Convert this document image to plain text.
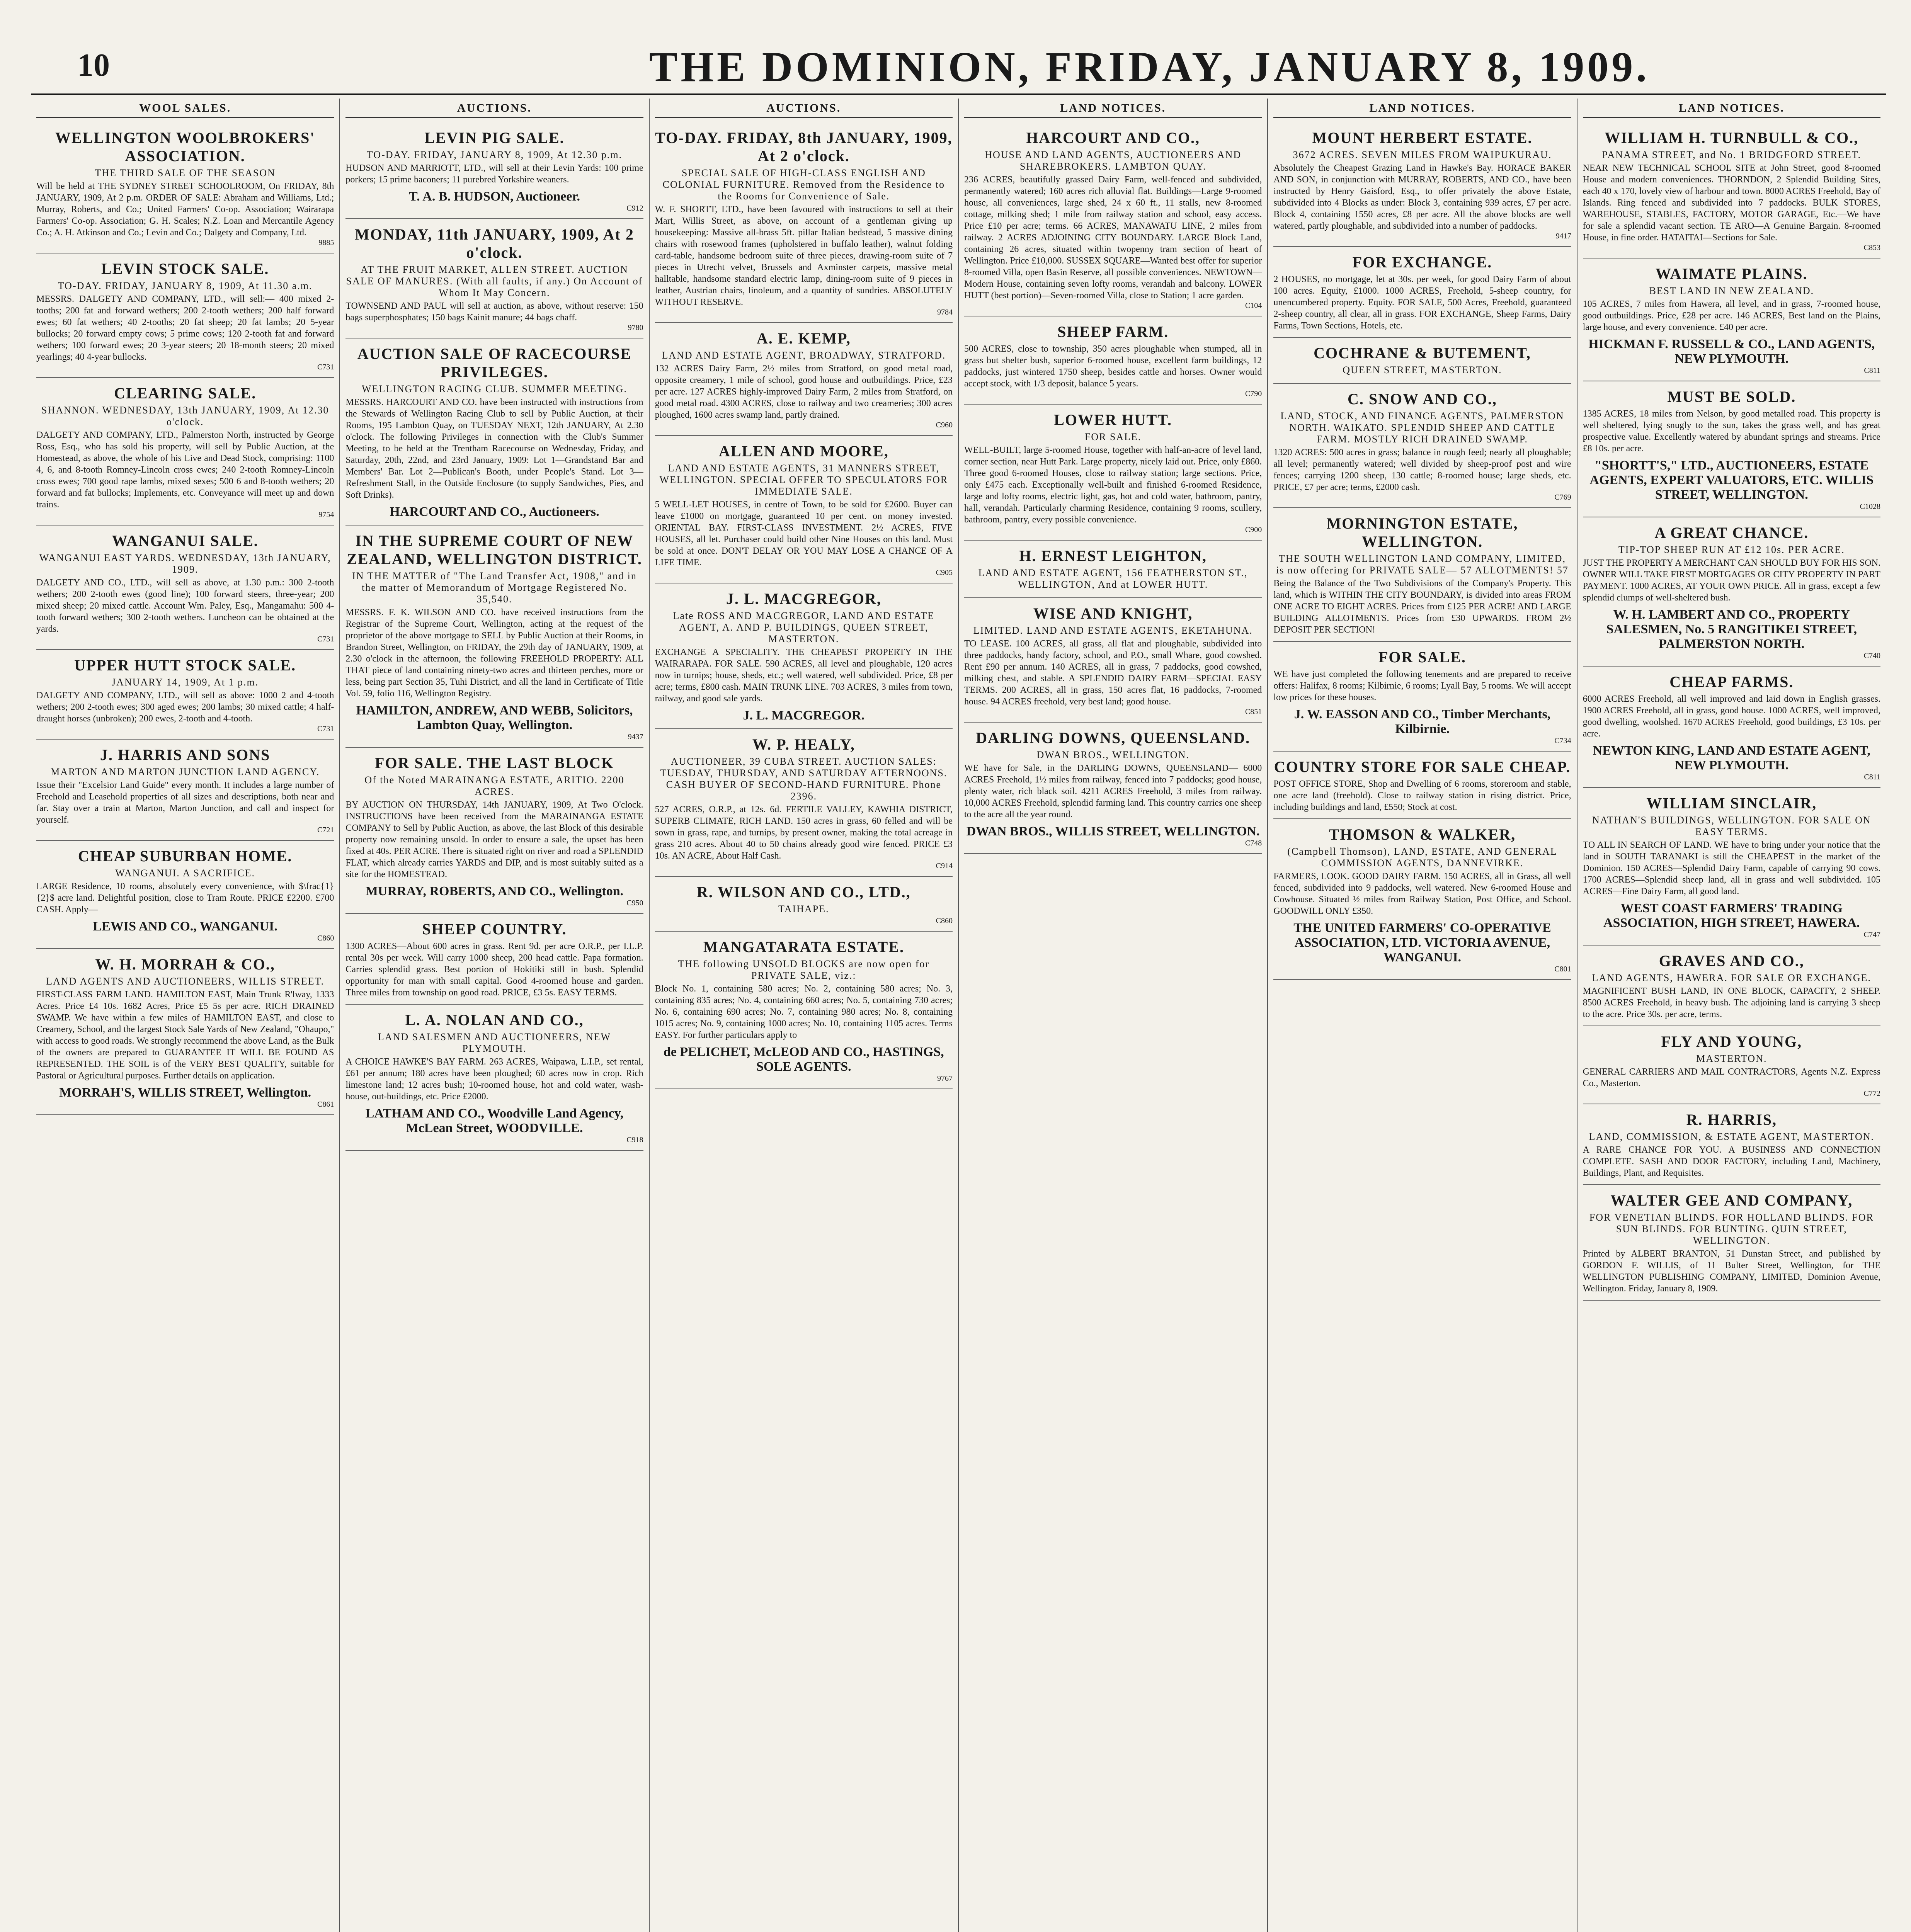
10	THE DOMINION, FRIDAY, JANUARY 8, 1909.
WOOL SALES.
WELLINGTON WOOLBROKERS' ASSOCIATION.
THE THIRD SALE OF THE SEASON
Will be held at THE SYDNEY STREET SCHOOLROOM, On FRIDAY, 8th JANUARY, 1909, At 2 p.m. ORDER OF SALE: Abraham and Williams, Ltd.; Murray, Roberts, and Co.; United Farmers' Co-op. Association; Wairarapa Farmers' Co-op. Association; G. H. Scales; N.Z. Loan and Mercantile Agency Co.; A. H. Atkinson and Co.; Levin and Co.; Dalgety and Company, Ltd.
9885
LEVIN STOCK SALE.
TO-DAY. FRIDAY, JANUARY 8, 1909, At 11.30 a.m.
MESSRS. DALGETY AND COMPANY, LTD., will sell:— 400 mixed 2-tooths; 200 fat and forward wethers; 200 2-tooth wethers; 200 half forward ewes; 60 fat wethers; 40 2-tooths; 20 fat sheep; 20 fat lambs; 20 5-year bullocks; 20 forward empty cows; 5 prime cows; 120 2-tooth fat and forward wethers; 100 forward ewes; 20 3-year steers; 20 18-month steers; 20 mixed yearlings; 40 4-year bullocks.
C731
CLEARING SALE.
SHANNON. WEDNESDAY, 13th JANUARY, 1909, At 12.30 o'clock.
DALGETY AND COMPANY, LTD., Palmerston North, instructed by George Ross, Esq., who has sold his property, will sell by Public Auction, at the Homestead, as above, the whole of his Live and Dead Stock, comprising: 1100 4, 6, and 8-tooth Romney-Lincoln cross ewes; 240 2-tooth Romney-Lincoln cross ewes; 700 good rape lambs, mixed sexes; 500 6 and 8-tooth wethers; 20 forward and fat bullocks; Implements, etc. Conveyance will meet up and down trains.
9754
WANGANUI SALE.
WANGANUI EAST YARDS. WEDNESDAY, 13th JANUARY, 1909.
DALGETY AND CO., LTD., will sell as above, at 1.30 p.m.: 300 2-tooth wethers; 200 2-tooth ewes (good line); 100 forward steers, three-year; 200 mixed sheep; 20 mixed cattle. Account Wm. Paley, Esq., Mangamahu: 500 4-tooth forward wethers; 300 2-tooth wethers. Luncheon can be obtained at the yards.
C731
UPPER HUTT STOCK SALE.
JANUARY 14, 1909, At 1 p.m.
DALGETY AND COMPANY, LTD., will sell as above: 1000 2 and 4-tooth wethers; 200 2-tooth ewes; 300 aged ewes; 200 lambs; 30 mixed cattle; 4 half-draught horses (unbroken); 200 ewes, 2-tooth and 4-tooth.
C731
J. HARRIS AND SONS
MARTON AND MARTON JUNCTION LAND AGENCY.
Issue their "Excelsior Land Guide" every month. It includes a large number of Freehold and Leasehold properties of all sizes and descriptions, both near and far. Stay over a train at Marton, Marton Junction, and call and inspect for yourself.
C721
CHEAP SUBURBAN HOME.
WANGANUI. A SACRIFICE.
LARGE Residence, 10 rooms, absolutely every convenience, with $\frac{1}{2}$ acre land. Delightful position, close to Tram Route. PRICE £2200. £700 CASH. Apply—
LEWIS AND CO., WANGANUI.
C860
W. H. MORRAH & CO.,
LAND AGENTS AND AUCTIONEERS, WILLIS STREET.
FIRST-CLASS FARM LAND. HAMILTON EAST, Main Trunk R'lway, 1333 Acres. Price £4 10s. 1682 Acres, Price £5 5s per acre. RICH DRAINED SWAMP. We have within a few miles of HAMILTON EAST, and close to Creamery, School, and the largest Stock Sale Yards of New Zealand, "Ohaupo," with access to good roads. We strongly recommend the above Land, as the Bulk of the owners are prepared to GUARANTEE IT WILL BE FOUND AS REPRESENTED. THE SOIL is of the VERY BEST QUALITY, suitable for Pastoral or Agricultural purposes. Further details on application.
MORRAH'S, WILLIS STREET, Wellington.
C861
AUCTIONS.
LEVIN PIG SALE.
TO-DAY. FRIDAY, JANUARY 8, 1909, At 12.30 p.m.
HUDSON AND MARRIOTT, LTD., will sell at their Levin Yards: 100 prime porkers; 15 prime baconers; 11 purebred Yorkshire weaners.
T. A. B. HUDSON, Auctioneer.
C912
MONDAY, 11th JANUARY, 1909, At 2 o'clock.
AT THE FRUIT MARKET, ALLEN STREET. AUCTION SALE OF MANURES. (With all faults, if any.) On Account of Whom It May Concern.
TOWNSEND AND PAUL will sell at auction, as above, without reserve: 150 bags superphosphates; 150 bags Kainit manure; 44 bags chaff.
9780
AUCTION SALE OF RACECOURSE PRIVILEGES.
WELLINGTON RACING CLUB. SUMMER MEETING.
MESSRS. HARCOURT AND CO. have been instructed with instructions from the Stewards of Wellington Racing Club to sell by Public Auction, at their Rooms, 195 Lambton Quay, on TUESDAY NEXT, 12th JANUARY, At 2.30 o'clock. The following Privileges in connection with the Club's Summer Meeting, to be held at the Trentham Racecourse on Wednesday, Friday, and Saturday, 20th, 22nd, and 23rd January, 1909: Lot 1—Grandstand Bar and Members' Bar. Lot 2—Publican's Booth, under People's Stand. Lot 3—Refreshment Stall, in the Outside Enclosure (to supply Sandwiches, Pies, and Soft Drinks).
HARCOURT AND CO., Auctioneers.
IN THE SUPREME COURT OF NEW ZEALAND, WELLINGTON DISTRICT.
IN THE MATTER of "The Land Transfer Act, 1908," and in the matter of Memorandum of Mortgage Registered No. 35,540.
MESSRS. F. K. WILSON AND CO. have received instructions from the Registrar of the Supreme Court, Wellington, acting at the request of the proprietor of the above mortgage to SELL by Public Auction at their Rooms, in Brandon Street, Wellington, on FRIDAY, the 29th day of JANUARY, 1909, at 2.30 o'clock in the afternoon, the following FREEHOLD PROPERTY: ALL THAT piece of land containing ninety-two acres and thirteen perches, more or less, being part Section 35, Tuhi District, and all the land in Certificate of Title Vol. 59, folio 116, Wellington Registry.
HAMILTON, ANDREW, AND WEBB, Solicitors, Lambton Quay, Wellington.
9437
FOR SALE. THE LAST BLOCK
Of the Noted MARAINANGA ESTATE, ARITIO. 2200 ACRES.
BY AUCTION ON THURSDAY, 14th JANUARY, 1909, At Two O'clock. INSTRUCTIONS have been received from the MARAINANGA ESTATE COMPANY to Sell by Public Auction, as above, the last Block of this desirable property now remaining unsold. In order to ensure a sale, the upset has been fixed at 40s. PER ACRE. There is situated right on river and road a SPLENDID FLAT, which already carries YARDS and DIP, and is most suitably suited as a site for the HOMESTEAD.
MURRAY, ROBERTS, AND CO., Wellington.
C950
SHEEP COUNTRY.
1300 ACRES—About 600 acres in grass. Rent 9d. per acre O.R.P., per I.L.P. rental 30s per week. Will carry 1000 sheep, 200 head cattle. Papa formation. Carries splendid grass. Best portion of Hokitiki still in bush. Splendid opportunity for man with small capital. Good 4-roomed house and garden. Three miles from township on good road. PRICE, £3 5s. EASY TERMS.
L. A. NOLAN AND CO.,
LAND SALESMEN AND AUCTIONEERS, NEW PLYMOUTH.
A CHOICE HAWKE'S BAY FARM. 263 ACRES, Waipawa, L.I.P., set rental, £61 per annum; 180 acres have been ploughed; 60 acres now in crop. Rich limestone land; 12 acres bush; 10-roomed house, hot and cold water, wash-house, out-buildings, etc. Price £2000.
LATHAM AND CO., Woodville Land Agency, McLean Street, WOODVILLE.
C918
AUCTIONS.
TO-DAY. FRIDAY, 8th JANUARY, 1909, At 2 o'clock.
SPECIAL SALE OF HIGH-CLASS ENGLISH AND COLONIAL FURNITURE. Removed from the Residence to the Rooms for Convenience of Sale.
W. F. SHORTT, LTD., have been favoured with instructions to sell at their Mart, Willis Street, as above, on account of a gentleman giving up housekeeping: Massive all-brass 5ft. pillar Italian bedstead, 5 massive dining chairs with rosewood frames (upholstered in buffalo leather), walnut folding card-table, handsome bedroom suite of three pieces, drawing-room suite of 7 pieces in Utrecht velvet, Brussels and Axminster carpets, massive metal halltable, handsome standard electric lamp, dining-room suite of 9 pieces in leather, Austrian chairs, linoleum, and a quantity of sundries. ABSOLUTELY WITHOUT RESERVE.
9784
A. E. KEMP,
LAND AND ESTATE AGENT, BROADWAY, STRATFORD.
132 ACRES Dairy Farm, 2½ miles from Stratford, on good metal road, opposite creamery, 1 mile of school, good house and outbuildings. Price, £23 per acre. 127 ACRES highly-improved Dairy Farm, 2 miles from Stratford, on good metal road. 4300 ACRES, close to railway and two creameries; 300 acres ploughed, 1600 acres swamp land, partly drained.
C960
ALLEN AND MOORE,
LAND AND ESTATE AGENTS, 31 MANNERS STREET, WELLINGTON. SPECIAL OFFER TO SPECULATORS FOR IMMEDIATE SALE.
5 WELL-LET HOUSES, in centre of Town, to be sold for £2600. Buyer can leave £1000 on mortgage, guaranteed 10 per cent. on money invested. ORIENTAL BAY. FIRST-CLASS INVESTMENT. 2½ ACRES, FIVE HOUSES, all let. Purchaser could build other Nine Houses on this land. Must be sold at once. DON'T DELAY OR YOU MAY LOSE A CHANCE OF A LIFE TIME.
C905
J. L. MACGREGOR,
Late ROSS AND MACGREGOR, LAND AND ESTATE AGENT, A. AND P. BUILDINGS, QUEEN STREET, MASTERTON.
EXCHANGE A SPECIALITY. THE CHEAPEST PROPERTY IN THE WAIRARAPA. FOR SALE. 590 ACRES, all level and ploughable, 120 acres now in turnips; house, sheds, etc.; well watered, well subdivided. Price, £8 per acre; terms, £800 cash. MAIN TRUNK LINE. 703 ACRES, 3 miles from town, railway, and good sale yards.
J. L. MACGREGOR.
W. P. HEALY,
AUCTIONEER, 39 CUBA STREET. AUCTION SALES: TUESDAY, THURSDAY, AND SATURDAY AFTERNOONS. CASH BUYER OF SECOND-HAND FURNITURE. Phone 2396.
527 ACRES, O.R.P., at 12s. 6d. FERTILE VALLEY, KAWHIA DISTRICT, SUPERB CLIMATE, RICH LAND. 150 acres in grass, 60 felled and will be sown in grass, rape, and turnips, by present owner, making the total acreage in grass 210 acres. About 40 to 50 chains already good wire fenced. PRICE £3 10s. AN ACRE, About Half Cash.
C914
R. WILSON AND CO., LTD.,
TAIHAPE.
C860
MANGATARATA ESTATE.
THE following UNSOLD BLOCKS are now open for PRIVATE SALE, viz.:
Block No. 1, containing 580 acres; No. 2, containing 580 acres; No. 3, containing 835 acres; No. 4, containing 660 acres; No. 5, containing 730 acres; No. 6, containing 690 acres; No. 7, containing 980 acres; No. 8, containing 1015 acres; No. 9, containing 1000 acres; No. 10, containing 1105 acres. Terms EASY. For further particulars apply to
de PELICHET, McLEOD AND CO., HASTINGS, SOLE AGENTS.
9767
LAND NOTICES.
HARCOURT AND CO.,
HOUSE AND LAND AGENTS, AUCTIONEERS AND SHAREBROKERS. LAMBTON QUAY.
236 ACRES, beautifully grassed Dairy Farm, well-fenced and subdivided, permanently watered; 160 acres rich alluvial flat. Buildings—Large 9-roomed house, all conveniences, large shed, 24 x 60 ft., 11 stalls, new 8-roomed cottage, milking shed; 1 mile from railway station and school, easy access. Price £10 per acre; terms. 66 ACRES, MANAWATU LINE, 2 miles from railway. 2 ACRES ADJOINING CITY BOUNDARY. LARGE Block Land, containing 26 acres, situated within twopenny tram section of heart of Wellington. Price £10,000. SUSSEX SQUARE—Wanted best offer for superior 8-roomed Villa, open Basin Reserve, all possible conveniences. NEWTOWN—Modern House, containing seven lofty rooms, verandah and balcony. LOWER HUTT (best portion)—Seven-roomed Villa, close to Station; 1 acre garden.
C104
SHEEP FARM.
500 ACRES, close to township, 350 acres ploughable when stumped, all in grass but shelter bush, superior 6-roomed house, excellent farm buildings, 12 paddocks, just wintered 1750 sheep, besides cattle and horses. Owner would accept stock, with 1/3 deposit, balance 5 years.
C790
LOWER HUTT.
FOR SALE.
WELL-BUILT, large 5-roomed House, together with half-an-acre of level land, corner section, near Hutt Park. Large property, nicely laid out. Price, only £860. Three good 6-roomed Houses, close to railway station; large sections. Price, only £475 each. Exceptionally well-built and finished 6-roomed Residence, large and lofty rooms, electric light, gas, hot and cold water, bathroom, pantry, hall, verandah. Particularly charming Residence, containing 9 rooms, scullery, bathroom, pantry, every possible convenience.
C900
H. ERNEST LEIGHTON,
LAND AND ESTATE AGENT, 156 FEATHERSTON ST., WELLINGTON, And at LOWER HUTT.
WISE AND KNIGHT,
LIMITED. LAND AND ESTATE AGENTS, EKETAHUNA.
TO LEASE. 100 ACRES, all grass, all flat and ploughable, subdivided into three paddocks, handy factory, school, and P.O., small Whare, good cowshed. Rent £90 per annum. 140 ACRES, all in grass, 7 paddocks, good cowshed, milking chest, and stable. A SPLENDID DAIRY FARM—SPECIAL EASY TERMS. 200 ACRES, all in grass, 150 acres flat, 16 paddocks, 7-roomed house. 94 ACRES freehold, very best land; good house.
C851
DARLING DOWNS, QUEENSLAND.
DWAN BROS., WELLINGTON.
WE have for Sale, in the DARLING DOWNS, QUEENSLAND— 6000 ACRES Freehold, 1½ miles from railway, fenced into 7 paddocks; good house, plenty water, rich black soil. 4211 ACRES Freehold, 3 miles from railway. 10,000 ACRES Freehold, splendid farming land. This country carries one sheep to the acre all the year round.
DWAN BROS., WILLIS STREET, WELLINGTON.
C748
LAND NOTICES.
MOUNT HERBERT ESTATE.
3672 ACRES. SEVEN MILES FROM WAIPUKURAU.
Absolutely the Cheapest Grazing Land in Hawke's Bay. HORACE BAKER AND SON, in conjunction with MURRAY, ROBERTS, AND CO., have been instructed by Henry Gaisford, Esq., to offer privately the above Estate, subdivided into 4 Blocks as under: Block 3, containing 939 acres, £7 per acre. Block 4, containing 1550 acres, £8 per acre. All the above blocks are well watered, partly ploughable, and subdivided into a number of paddocks.
9417
FOR EXCHANGE.
2 HOUSES, no mortgage, let at 30s. per week, for good Dairy Farm of about 100 acres. Equity, £1000. 1000 ACRES, Freehold, 5-sheep country, for unencumbered property. Equity. FOR SALE, 500 Acres, Freehold, guaranteed 2-sheep country, all clear, all in grass. FOR EXCHANGE, Sheep Farms, Dairy Farms, Town Sections, Hotels, etc.
COCHRANE & BUTEMENT,
QUEEN STREET, MASTERTON.
C. SNOW AND CO.,
LAND, STOCK, AND FINANCE AGENTS, PALMERSTON NORTH. WAIKATO. SPLENDID SHEEP AND CATTLE FARM. MOSTLY RICH DRAINED SWAMP.
1320 ACRES: 500 acres in grass; balance in rough feed; nearly all ploughable; all level; permanently watered; well divided by sheep-proof post and wire fences; carrying 1200 sheep, 130 cattle; 8-roomed house; large sheds, etc. PRICE, £7 per acre; terms, £2000 cash.
C769
MORNINGTON ESTATE, WELLINGTON.
THE SOUTH WELLINGTON LAND COMPANY, LIMITED, is now offering for PRIVATE SALE— 57 ALLOTMENTS! 57
Being the Balance of the Two Subdivisions of the Company's Property. This land, which is WITHIN THE CITY BOUNDARY, is divided into areas FROM ONE ACRE TO EIGHT ACRES. Prices from £125 PER ACRE! AND LARGE BUILDING ALLOTMENTS. Prices from £30 UPWARDS. FROM 2½ DEPOSIT PER SECTION!
FOR SALE.
WE have just completed the following tenements and are prepared to receive offers: Halifax, 8 rooms; Kilbirnie, 6 rooms; Lyall Bay, 5 rooms. We will accept low prices for these houses.
J. W. EASSON AND CO., Timber Merchants, Kilbirnie.
C734
COUNTRY STORE FOR SALE CHEAP.
POST OFFICE STORE, Shop and Dwelling of 6 rooms, storeroom and stable, one acre land (freehold). Close to railway station in rising district. Price, including buildings and land, £550; Stock at cost.
THOMSON & WALKER,
(Campbell Thomson), LAND, ESTATE, AND GENERAL COMMISSION AGENTS, DANNEVIRKE.
FARMERS, LOOK. GOOD DAIRY FARM. 150 ACRES, all in Grass, all well fenced, subdivided into 9 paddocks, well watered. New 6-roomed House and Cowhouse. Situated ½ miles from Railway Station, Post Office, and School. GOODWILL ONLY £350.
THE UNITED FARMERS' CO-OPERATIVE ASSOCIATION, LTD. VICTORIA AVENUE, WANGANUI.
C801
LAND NOTICES.
WILLIAM H. TURNBULL & CO.,
PANAMA STREET, and No. 1 BRIDGFORD STREET.
NEAR NEW TECHNICAL SCHOOL SITE at John Street, good 8-roomed House and modern conveniences. THORNDON, 2 Splendid Building Sites, each 40 x 170, lovely view of harbour and town. 8000 ACRES Freehold, Bay of Islands. Ring fenced and subdivided into 7 paddocks. BULK STORES, WAREHOUSE, STABLES, FACTORY, MOTOR GARAGE, Etc.—We have for sale a splendid vacant section. TE ARO—A Genuine Bargain. 8-roomed House, in fine order. HATAITAI—Sections for Sale.
C853
WAIMATE PLAINS.
BEST LAND IN NEW ZEALAND.
105 ACRES, 7 miles from Hawera, all level, and in grass, 7-roomed house, good outbuildings. Price, £28 per acre. 146 ACRES, Best land on the Plains, large house, and every convenience. £40 per acre.
HICKMAN F. RUSSELL & CO., LAND AGENTS, NEW PLYMOUTH.
C811
MUST BE SOLD.
1385 ACRES, 18 miles from Nelson, by good metalled road. This property is well sheltered, lying snugly to the sun, takes the grass well, and has great prospective value. Excellently watered by abundant springs and streams. Price £8 10s. per acre.
"SHORTT'S," LTD., AUCTIONEERS, ESTATE AGENTS, EXPERT VALUATORS, ETC. WILLIS STREET, WELLINGTON.
C1028
A GREAT CHANCE.
TIP-TOP SHEEP RUN AT £12 10s. PER ACRE.
JUST THE PROPERTY A MERCHANT CAN SHOULD BUY FOR HIS SON. OWNER WILL TAKE FIRST MORTGAGES OR CITY PROPERTY IN PART PAYMENT. 1000 ACRES, AT YOUR OWN PRICE. All in grass, except a few splendid clumps of well-sheltered bush.
W. H. LAMBERT AND CO., PROPERTY SALESMEN, No. 5 RANGITIKEI STREET, PALMERSTON NORTH.
C740
CHEAP FARMS.
6000 ACRES Freehold, all well improved and laid down in English grasses. 1900 ACRES Freehold, all in grass, good house. 1000 ACRES, well improved, good dwelling, woolshed. 1670 ACRES Freehold, good buildings, £3 10s. per acre.
NEWTON KING, LAND AND ESTATE AGENT, NEW PLYMOUTH.
C811
WILLIAM SINCLAIR,
NATHAN'S BUILDINGS, WELLINGTON. FOR SALE ON EASY TERMS.
TO ALL IN SEARCH OF LAND. WE have to bring under your notice that the land in SOUTH TARANAKI is still the CHEAPEST in the market of the Dominion. 150 ACRES—Splendid Dairy Farm, capable of carrying 90 cows. 1700 ACRES—Splendid sheep land, all in grass and well subdivided. 105 ACRES—Fine Dairy Farm, all good land.
WEST COAST FARMERS' TRADING ASSOCIATION, HIGH STREET, HAWERA.
C747
GRAVES AND CO.,
LAND AGENTS, HAWERA. FOR SALE OR EXCHANGE.
MAGNIFICENT BUSH LAND, IN ONE BLOCK, CAPACITY, 2 SHEEP. 8500 ACRES Freehold, in heavy bush. The adjoining land is carrying 3 sheep to the acre. Price 30s. per acre, terms.
FLY AND YOUNG,
MASTERTON.
GENERAL CARRIERS AND MAIL CONTRACTORS, Agents N.Z. Express Co., Masterton.
C772
R. HARRIS,
LAND, COMMISSION, & ESTATE AGENT, MASTERTON.
A RARE CHANCE FOR YOU. A BUSINESS AND CONNECTION COMPLETE. SASH AND DOOR FACTORY, including Land, Machinery, Buildings, Plant, and Requisites.
WALTER GEE AND COMPANY,
FOR VENETIAN BLINDS. FOR HOLLAND BLINDS. FOR SUN BLINDS. FOR BUNTING. QUIN STREET, WELLINGTON.
Printed by ALBERT BRANTON, 51 Dunstan Street, and published by GORDON F. WILLIS, of 11 Bulter Street, Wellington, for THE WELLINGTON PUBLISHING COMPANY, LIMITED, Dominion Avenue, Wellington. Friday, January 8, 1909.
